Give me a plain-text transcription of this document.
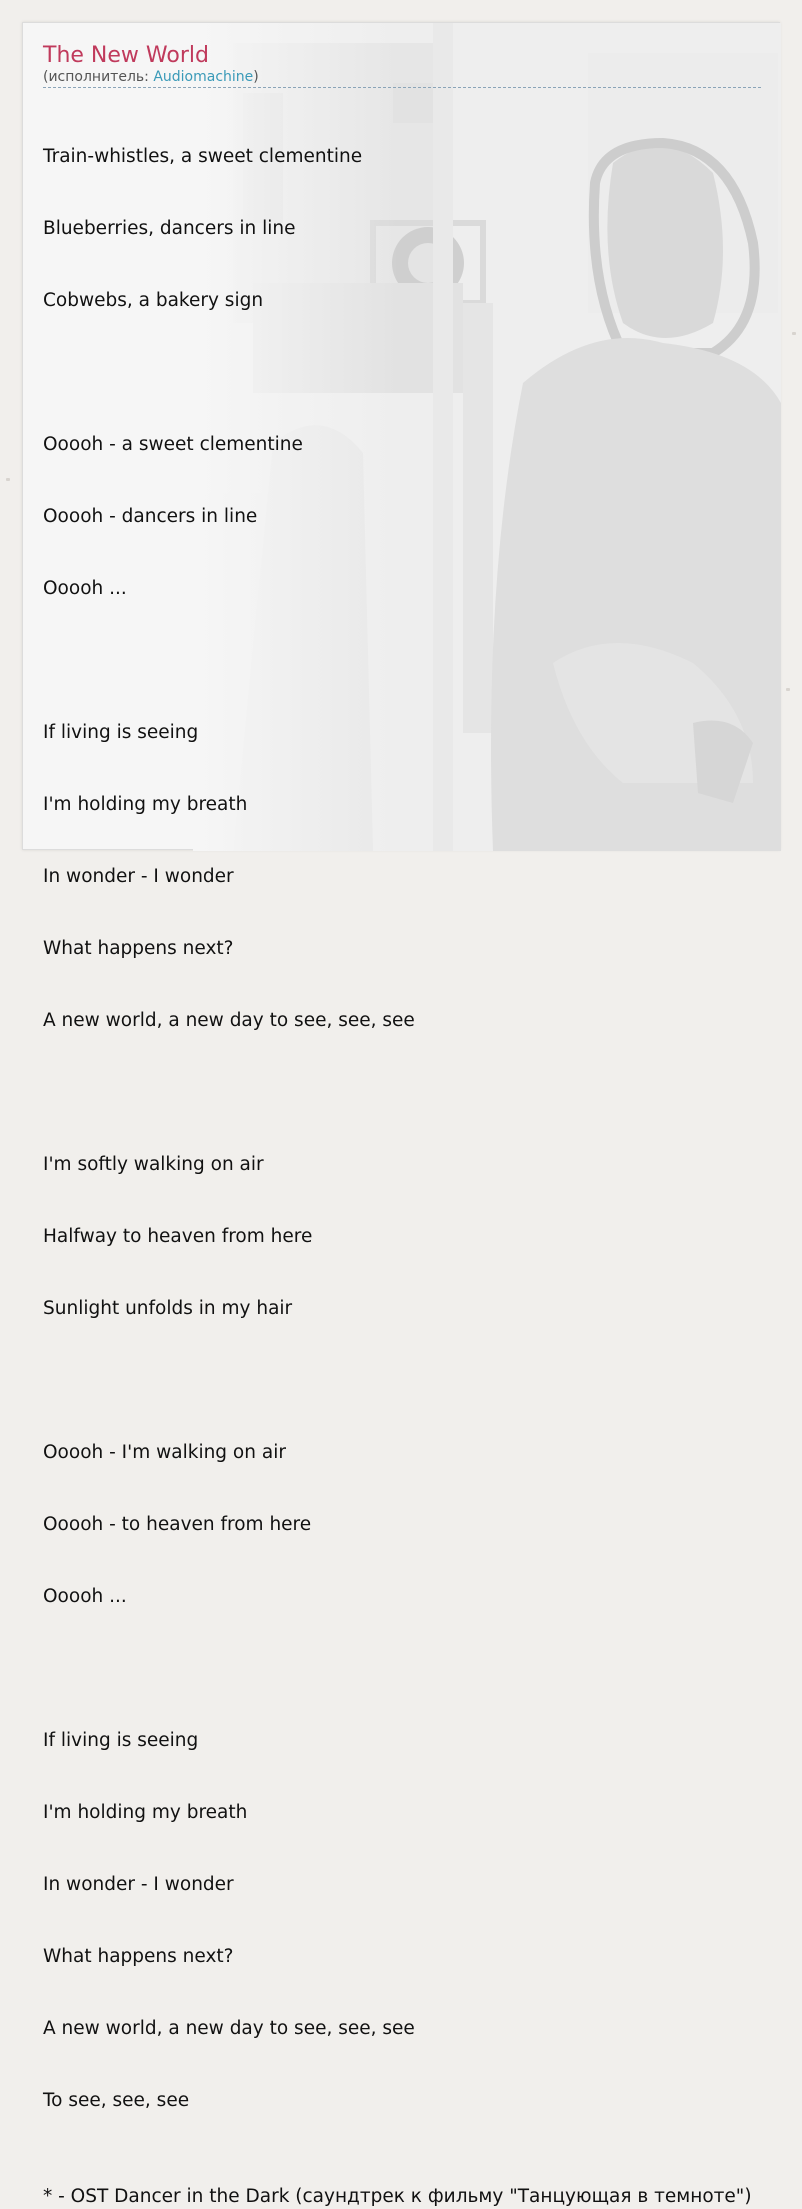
The New World
(исполнитель: Audiomachine)

Train-whistles, a sweet clementine

Blueberries, dancers in line

Cobwebs, a bakery sign

Ooooh - a sweet clementine

Ooooh - dancers in line

Ooooh ...

If living is seeing

I'm holding my breath

In wonder - I wonder

What happens next?

A new world, a new day to see, see, see

I'm softly walking on air

Halfway to heaven from here

Sunlight unfolds in my hair

Ooooh - I'm walking on air

Ooooh - to heaven from here

Ooooh ...

If living is seeing

I'm holding my breath

In wonder - I wonder

What happens next?

A new world, a new day to see, see, see

To see, see, see

* - OST Dancer in the Dark (саундтрек к фильму "Танцующая в темноте")
